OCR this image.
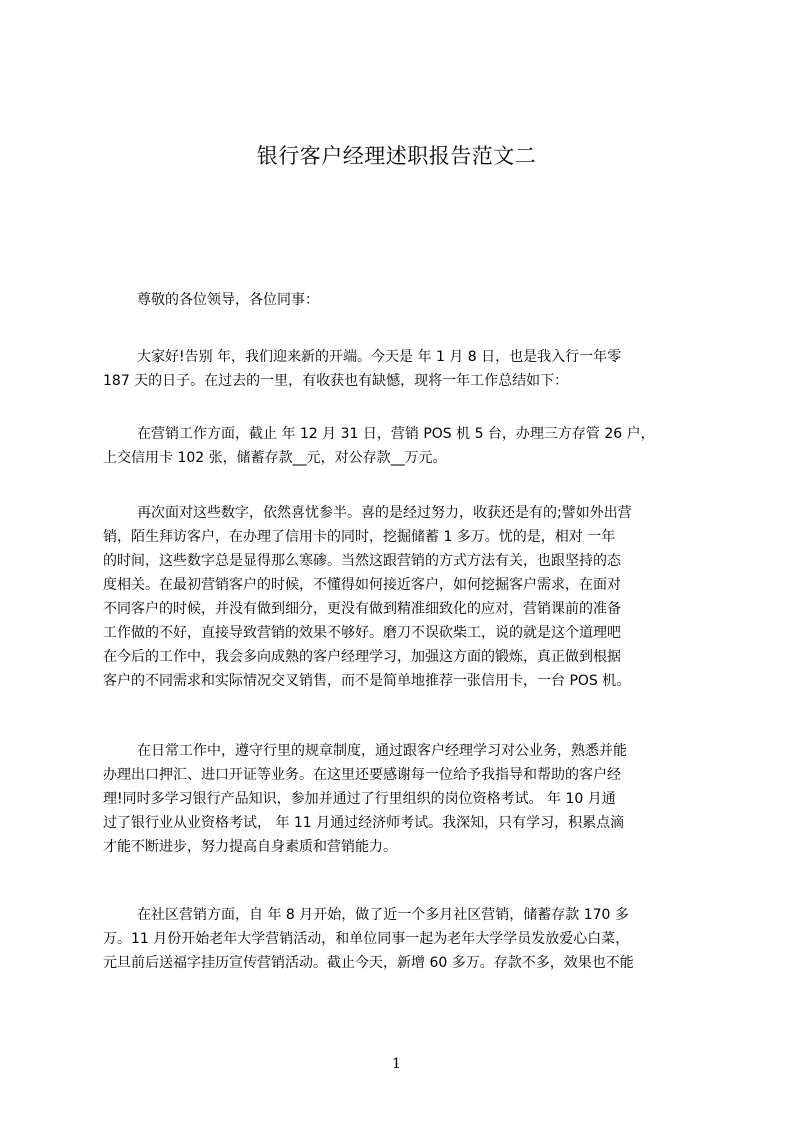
银行客户经理述职报告范文二
尊敬的各位领导，各位同事：
大家好!告别 年，我们迎来新的开端。今天是 年 1 月 8 日，也是我入行一年零
187 天的日子。在过去的一里，有收获也有缺憾，现将一年工作总结如下：
在营销工作方面，截止 年 12 月 31 日，营销 POS 机 5 台，办理三方存管 26 户，
上交信用卡 102 张，储蓄存款__元，对公存款__万元。
再次面对这些数字，依然喜忧参半。喜的是经过努力，收获还是有的;譬如外出营
销，陌生拜访客户，在办理了信用卡的同时，挖掘储蓄 1 多万。忧的是，相对 一年
的时间，这些数字总是显得那么寒碜。当然这跟营销的方式方法有关，也跟坚持的态
度相关。在最初营销客户的时候，不懂得如何接近客户，如何挖掘客户需求，在面对
不同客户的时候，并没有做到细分，更没有做到精准细致化的应对，营销课前的准备
工作做的不好，直接导致营销的效果不够好。磨刀不误砍柴工，说的就是这个道理吧
在今后的工作中，我会多向成熟的客户经理学习，加强这方面的锻炼，真正做到根据
客户的不同需求和实际情况交叉销售，而不是简单地推荐一张信用卡，一台 POS 机。
在日常工作中，遵守行里的规章制度，通过跟客户经理学习对公业务，熟悉并能
办理出口押汇、进口开证等业务。在这里还要感谢每一位给予我指导和帮助的客户经
理!同时多学习银行产品知识，参加并通过了行里组织的岗位资格考试。 年 10 月通
过了银行业从业资格考试， 年 11 月通过经济师考试。我深知，只有学习，积累点滴
才能不断进步，努力提高自身素质和营销能力。
在社区营销方面，自 年 8 月开始，做了近一个多月社区营销，储蓄存款 170 多
万。11 月份开始老年大学营销活动，和单位同事一起为老年大学学员发放爱心白菜，
元旦前后送福字挂历宣传营销活动。截止今天，新增 60 多万。存款不多，效果也不能
1
